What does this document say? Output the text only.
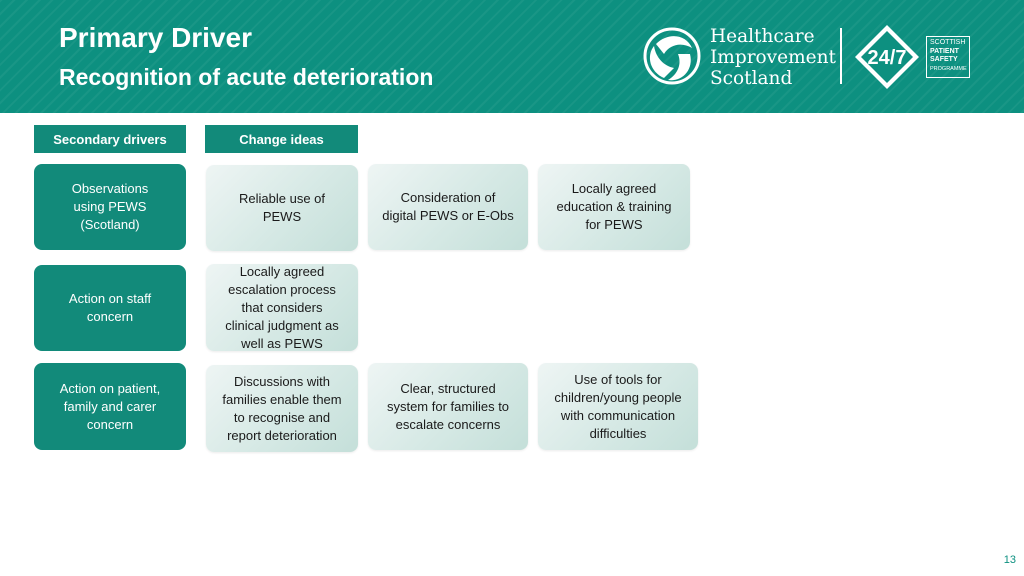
Primary Driver
Recognition of acute deterioration
Healthcare
Improvement
Scotland
24/7
SCOTTISH
PATIENT
SAFETY
PROGRAMME
Secondary drivers	Change ideas
Observations
using PEWS
(Scotland)
Action on staff
concern
Action on patient,
family and carer
concern
Reliable use of
PEWS
Consideration of
digital PEWS or E-Obs
Locally agreed
education & training
for PEWS
Locally agreed
escalation process
that considers
clinical judgment as
well as PEWS
Discussions with
families enable them
to recognise and
report deterioration
Clear, structured
system for families to
escalate concerns
Use of tools for
children/young people
with communication
difficulties
13
